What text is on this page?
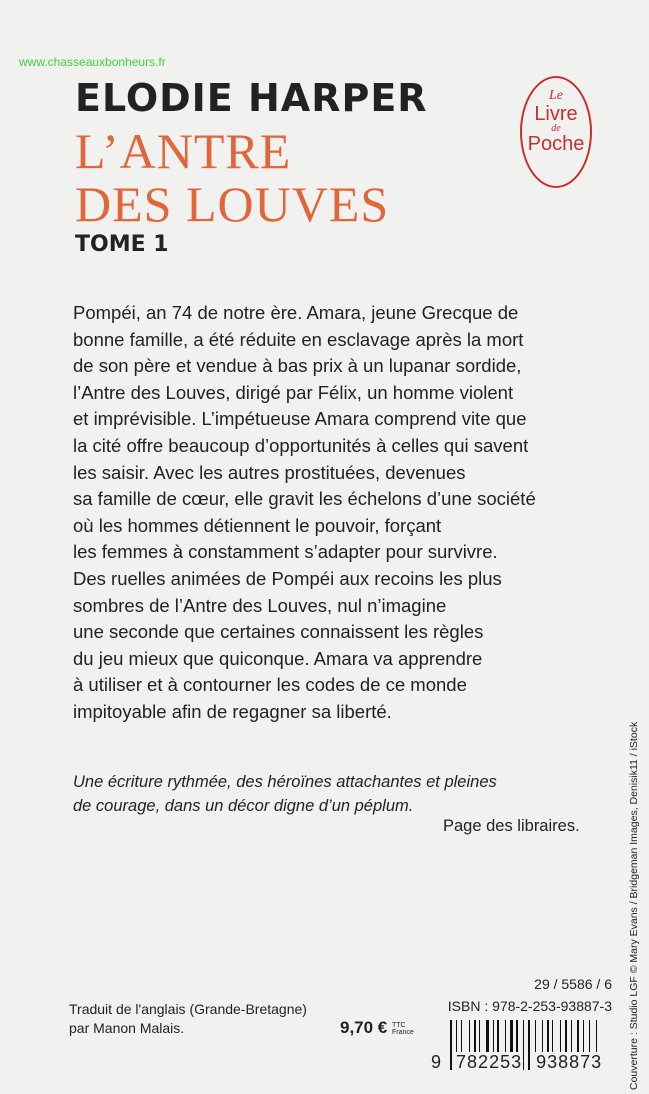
www.chasseauxbonheurs.fr
ELODIE HARPER
L’ANTRE
DES LOUVES
TOME 1
Le
Livre
de
Poche
Pompéi, an 74 de notre ère. Amara, jeune Grecque de
bonne famille, a été réduite en esclavage après la mort
de son père et vendue à bas prix à un lupanar sordide,
l’Antre des Louves, dirigé par Félix, un homme violent
et imprévisible. L’impétueuse Amara comprend vite que
la cité offre beaucoup d’opportunités à celles qui savent
les saisir. Avec les autres prostituées, devenues
sa famille de cœur, elle gravit les échelons d’une société
où les hommes détiennent le pouvoir, forçant
les femmes à constamment s’adapter pour survivre.
Des ruelles animées de Pompéi aux recoins les plus
sombres de l’Antre des Louves, nul n’imagine
une seconde que certaines connaissent les règles
du jeu mieux que quiconque. Amara va apprendre
à utiliser et à contourner les codes de ce monde
impitoyable afin de regagner sa liberté.
Une écriture rythmée, des héroïnes attachantes et pleines
de courage, dans un décor digne d’un péplum.
Page des libraires.
Traduit de l'anglais (Grande-Bretagne)
par Manon Malais.	9,70 € TTC
France
29 / 5586 / 6
ISBN : 978-2-253-93887-3
9 782253 938873 Couverture : Studio LGF © Mary Evans / Bridgeman Images, Denisik11 / iStock
